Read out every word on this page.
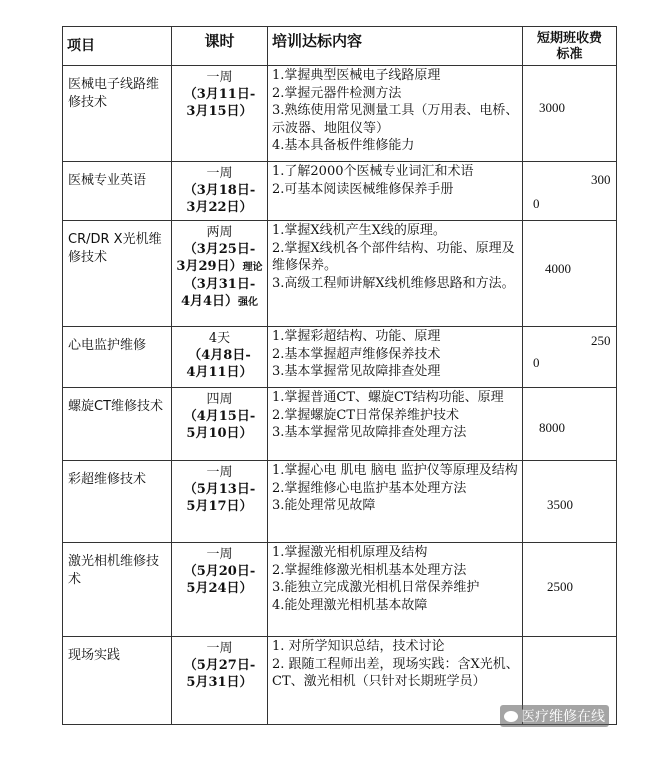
项目	课时	培训达标内容	短期班收费
标准
医械电子线路维修技术	一周
（3月11日-
3月15日）	1.掌握典型医械电子线路原理
2.掌握元器件检测方法
3.熟练使用常见测量工具（万用表、电桥、示波器、地阻仪等）
4.基本具备板件维修能力	3000

医械专业英语	一周
（3月18日-
3月22日）	1.了解2000个医械专业词汇和术语
2.可基本阅读医械维修保养手册	300
0

CR/DR X光机维修技术	两周
（3月25日-
3月29日）理论
（3月31日-
4月4日）强化	1.掌握X线机产生X线的原理。
2.掌握X线机各个部件结构、功能、原理及维修保养。
3.高级工程师讲解X线机维修思路和方法。	4000

心电监护维修	4天
（4月8日-
4月11日）	1.掌握彩超结构、功能、原理
2.基本掌握超声维修保养技术
3.基本掌握常见故障排查处理	250
0

螺旋CT维修技术	四周
（4月15日-
5月10日）	1.掌握普通CT、螺旋CT结构功能、原理
2.掌握螺旋CT日常保养维护技术
3.基本掌握常见故障排查处理方法	8000

彩超维修技术	一周
（5月13日-
5月17日）	1.掌握心电 肌电 脑电 监护仪等原理及结构
2.掌握维修心电监护基本处理方法
3.能处理常见故障	3500

激光相机维修技术	一周
（5月20日-
5月24日）	1.掌握激光相机原理及结构
2.掌握维修激光相机基本处理方法
3.能独立完成激光相机日常保养维护
4.能处理激光相机基本故障	2500

现场实践	一周
（5月27日-
5月31日）	1. 对所学知识总结，技术讨论
2. 跟随工程师出差，现场实践：含X光机、CT、激光相机（只针对长期班学员）	

医疗维修在线
